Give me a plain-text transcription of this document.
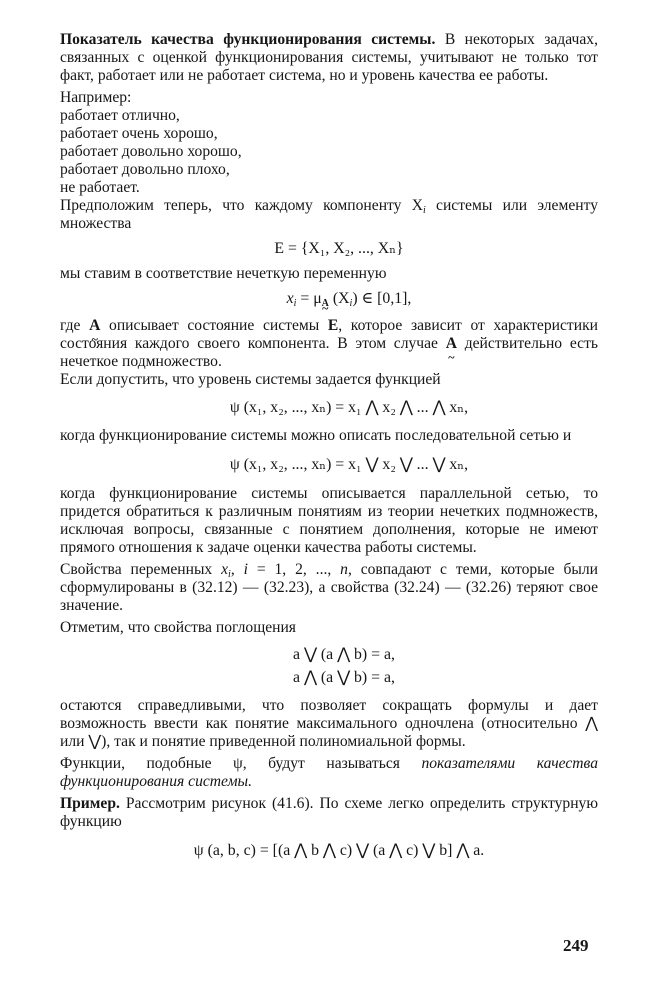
Показатель качества функционирования системы. В некоторых задачах, связанных с оценкой функционирования системы, учитывают не только тот факт, работает или не работает система, но и уровень качества ее работы.

Например:

работает отлично,
работает очень хорошо,
работает довольно хорошо,
работает довольно плохо,
не работает.

Предположим теперь, что каждому компоненту $X_i$ системы или элементу множества

E = {X₁, X₂, ..., Xₙ}

мы ставим в соответствие нечеткую переменную

$x_i = \mu_A$ $(X_i)$ ∈ [0,1],

где A ~ описывает состояние системы E, которое зависит от характеристики состояния каждого своего компонента. В этом случае A ~ действительно есть нечеткое подмножество.

Если допустить, что уровень системы задается функцией

ψ (x₁, x₂, ..., xₙ) = x₁ ⋀ x₂ ⋀ ... ⋀ xₙ,

когда функционирование системы можно описать последовательной сетью и

ψ (x₁, x₂, ..., xₙ) = x₁ ⋁ x₂ ⋁ ... ⋁ xₙ,

когда функционирование системы описывается параллельной сетью, то придется обратиться к различным понятиям из теории нечетких подмножеств, исключая вопросы, связанные с понятием дополнения, которые не имеют прямого отношения к задаче оценки качества работы системы.

Свойства переменных $x_i$, i = 1, 2, ..., n, совпадают с теми, которые были сформулированы в (32.12) — (32.23), а свойства (32.24) — (32.26) теряют свое значение.

Отметим, что свойства поглощения

a ⋁ (a ⋀ b) = a,
a ⋀ (a ⋁ b) = a,

остаются справедливыми, что позволяет сокращать формулы и дает возможность ввести как понятие максимального одночлена (относительно ⋀ или ⋁), так и понятие приведенной полиномиальной формы.

Функции, подобные ψ, будут называться показателями качества функционирования системы.

Пример. Рассмотрим рисунок (41.6). По схеме легко определить структурную функцию

ψ (a, b, c) = [(a ⋀ b ⋀ c) ⋁ (a ⋀ c) ⋁ b] ⋀ a.
249
